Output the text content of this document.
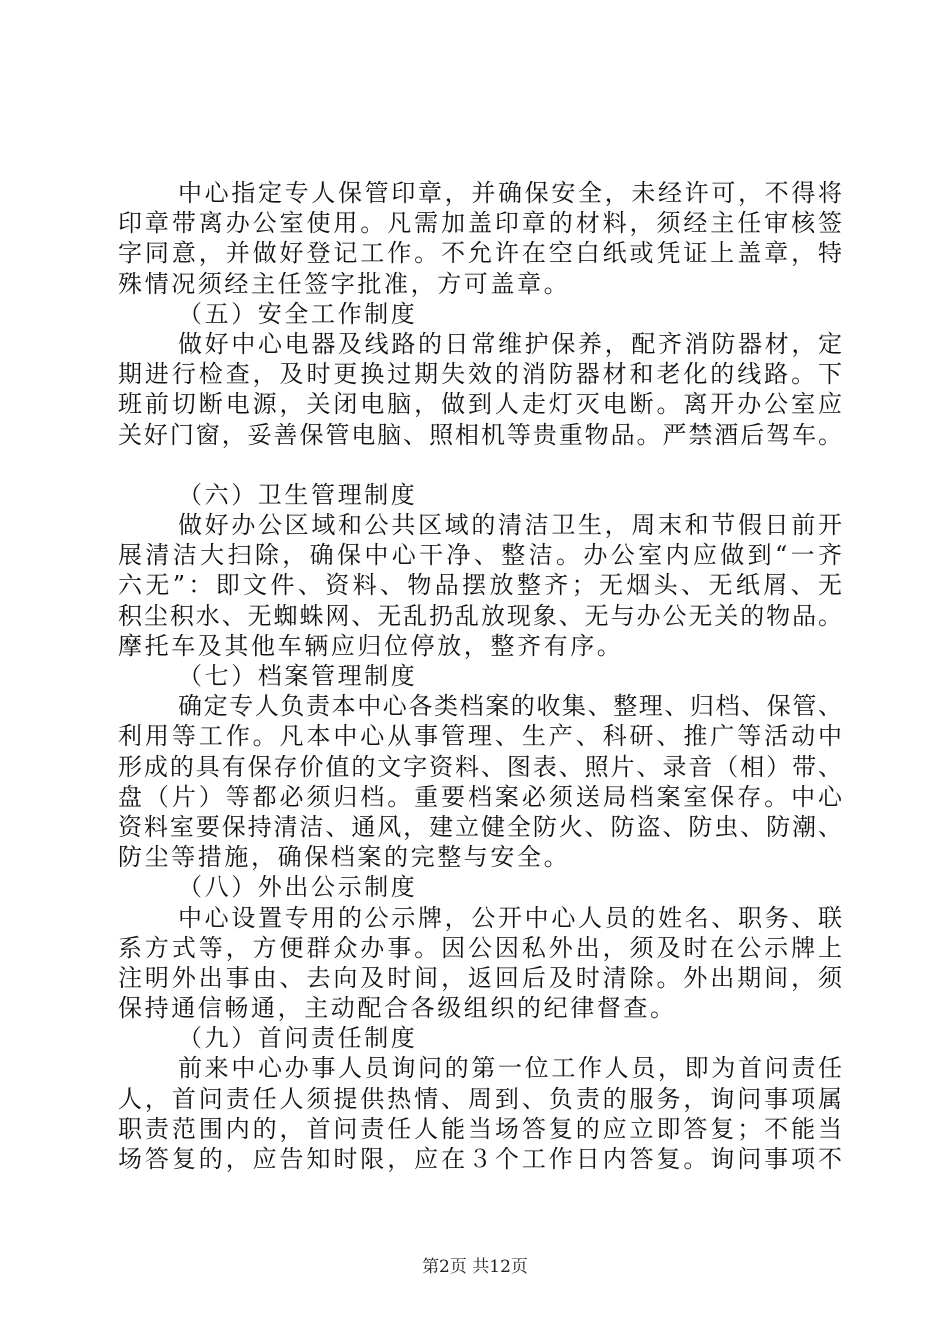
中心指定专人保管印章，并确保安全，未经许可，不得将
印章带离办公室使用。凡需加盖印章的材料，须经主任审核签
字同意，并做好登记工作。不允许在空白纸或凭证上盖章，特
殊情况须经主任签字批准，方可盖章。
（五）安全工作制度
做好中心电器及线路的日常维护保养，配齐消防器材，定
期进行检查，及时更换过期失效的消防器材和老化的线路。下
班前切断电源，关闭电脑，做到人走灯灭电断。离开办公室应
关好门窗，妥善保管电脑、照相机等贵重物品。严禁酒后驾车。
（六）卫生管理制度
做好办公区域和公共区域的清洁卫生，周末和节假日前开
展清洁大扫除，确保中心干净、整洁。办公室内应做到“一齐
六无”：即文件、资料、物品摆放整齐；无烟头、无纸屑、无
积尘积水、无蜘蛛网、无乱扔乱放现象、无与办公无关的物品。
摩托车及其他车辆应归位停放，整齐有序。
（七）档案管理制度
确定专人负责本中心各类档案的收集、整理、归档、保管、
利用等工作。凡本中心从事管理、生产、科研、推广等活动中
形成的具有保存价值的文字资料、图表、照片、录音（相）带、
盘（片）等都必须归档。重要档案必须送局档案室保存。中心
资料室要保持清洁、通风，建立健全防火、防盗、防虫、防潮、
防尘等措施，确保档案的完整与安全。
（八）外出公示制度
中心设置专用的公示牌，公开中心人员的姓名、职务、联
系方式等，方便群众办事。因公因私外出，须及时在公示牌上
注明外出事由、去向及时间，返回后及时清除。外出期间，须
保持通信畅通，主动配合各级组织的纪律督查。
（九）首问责任制度
前来中心办事人员询问的第一位工作人员，即为首问责任
人，首问责任人须提供热情、周到、负责的服务，询问事项属
职责范围内的，首问责任人能当场答复的应立即答复；不能当
场答复的，应告知时限，应在３个工作日内答复。询问事项不
第2页 共12页
